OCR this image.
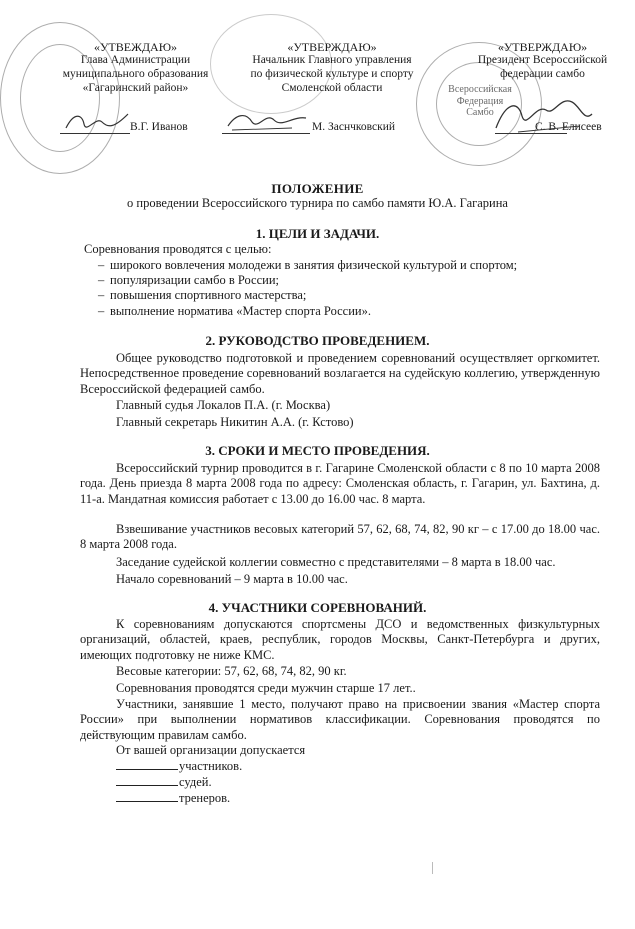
Всероссийская
Федерация
Самбо
«УТВЕЖДАЮ»
Глава Администрации
муниципального образования
«Гагаринский район»
«УТВЕРЖДАЮ»
Начальник Главного управления
по физической культуре и спорту
Смоленской области
«УТВЕРЖДАЮ»
Президент Всероссийской
федерации самбо
В.Г. Иванов	М. Заснчковский	С. В. Елисеев
ПОЛОЖЕНИЕ
о проведении Всероссийского турнира по самбо памяти Ю.А. Гагарина
1. ЦЕЛИ И ЗАДАЧИ.
Соревнования проводятся с целью:
– широкого вовлечения молодежи в занятия физической культурой и спортом;
– популяризации самбо в России;
– повышения спортивного мастерства;
– выполнение норматива «Мастер спорта России».
2. РУКОВОДСТВО ПРОВЕДЕНИЕМ.
Общее руководство подготовкой и проведением соревнований осуществляет оргкомитет. Непосредственное проведение соревнований возлагается на судейскую коллегию, утвержденную Всероссийской федерацией самбо.
Главный судья Локалов П.А. (г. Москва)
Главный секретарь Никитин А.А. (г. Кстово)
3. СРОКИ И МЕСТО ПРОВЕДЕНИЯ.
Всероссийский турнир проводится в г. Гагарине Смоленской области с 8 по 10 марта 2008 года. День приезда 8 марта 2008 года по адресу: Смоленская область, г. Гагарин, ул. Бахтина, д. 11-а. Мандатная комиссия работает с 13.00 до 16.00 час. 8 марта.
Взвешивание участников весовых категорий 57, 62, 68, 74, 82, 90 кг – с 17.00 до 18.00 час. 8 марта 2008 года.
Заседание судейской коллегии совместно с представителями – 8 марта в 18.00 час.
Начало соревнований – 9 марта в 10.00 час.
4. УЧАСТНИКИ СОРЕВНОВАНИЙ.
К соревнованиям допускаются спортсмены ДСО и ведомственных физкультурных организаций, областей, краев, республик, городов Москвы, Санкт-Петербурга и других, имеющих подготовку не ниже КМС.
Весовые категории: 57, 62, 68, 74, 82, 90 кг.
Соревнования проводятся среди мужчин старше 17 лет..
Участники, занявшие 1 место, получают право на присвоении звания «Мастер спорта России» при выполнении нормативов классификации. Соревнования проводятся по действующим правилам самбо.
От вашей организации допускается
участников.
судей.
тренеров.
